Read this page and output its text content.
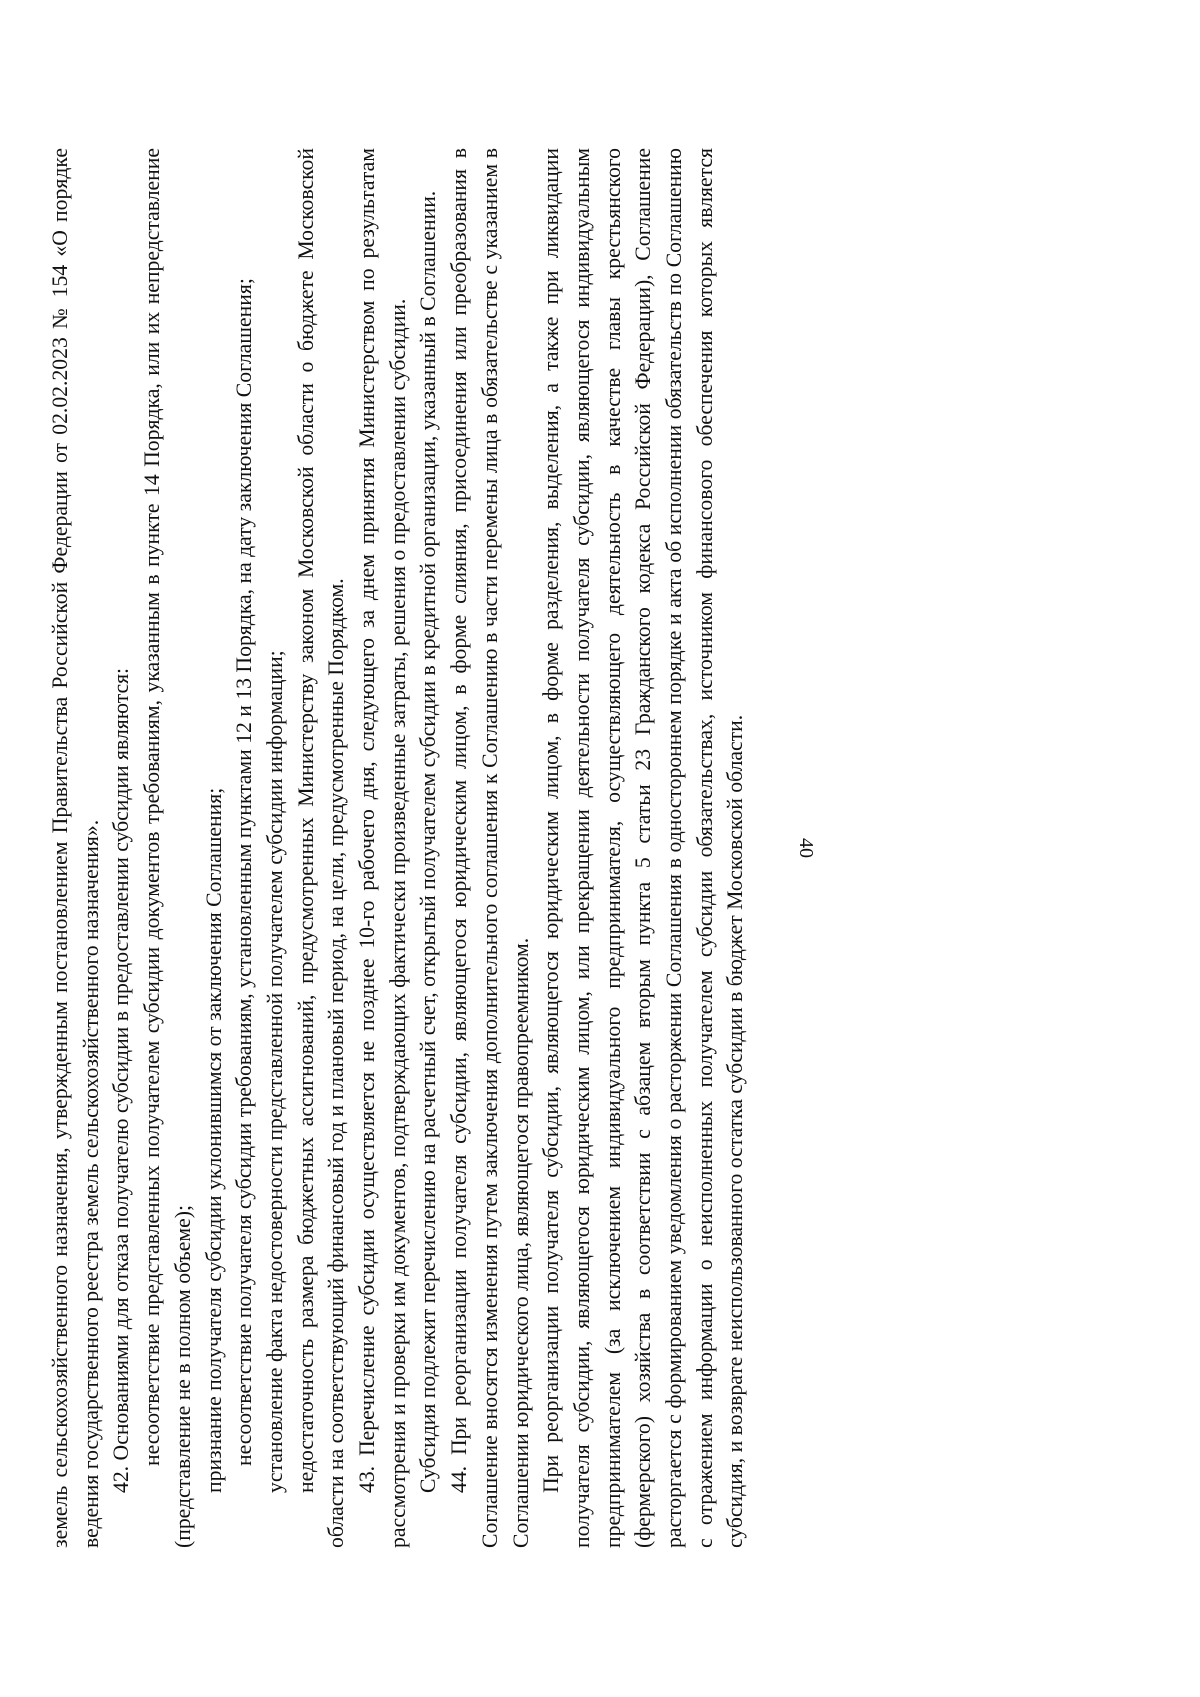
40

земель сельскохозяйственного назначения, утвержденным постановлением Правительства Российской Федерации от 02.02.2023 № 154 «О порядке ведения государственного реестра земель сельскохозяйственного назначения». 42. Основаниями для отказа получателю субсидии в предоставлении субсидии являются: несоответствие представленных получателем субсидии документов требованиям, указанным в пункте 14 Порядка, или их непредставление (представление не в полном объеме); признание получателя субсидии уклонившимся от заключения Соглашения; несоответствие получателя субсидии требованиям, установленным пунктами 12 и 13 Порядка, на дату заключения Соглашения; установление факта недостоверности представленной получателем субсидии информации; недостаточность размера бюджетных ассигнований, предусмотренных Министерству законом Московской области о бюджете Московской области на соответствующий финансовый год и плановый период, на цели, предусмотренные Порядком. 43. Перечисление субсидии осуществляется не позднее 10-го рабочего дня, следующего за днем принятия Министерством по результатам рассмотрения и проверки им документов, подтверждающих фактически произведенные затраты, решения о предоставлении субсидии. Субсидия подлежит перечислению на расчетный счет, открытый получателем субсидии в кредитной организации, указанный в Соглашении. 44. При реорганизации получателя субсидии, являющегося юридическим лицом, в форме слияния, присоединения или преобразования в Соглашение вносятся изменения путем заключения дополнительного соглашения к Соглашению в части перемены лица в обязательстве с указанием в Соглашении юридического лица, являющегося правопреемником. При реорганизации получателя субсидии, являющегося юридическим лицом, в форме разделения, выделения, а также при ликвидации получателя субсидии, являющегося юридическим лицом, или прекращении деятельности получателя субсидии, являющегося индивидуальным предпринимателем (за исключением индивидуального предпринимателя, осуществляющего деятельность в качестве главы крестьянского (фермерского) хозяйства в соответствии с абзацем вторым пункта 5 статьи 23 Гражданского кодекса Российской Федерации), Соглашение расторгается с формированием уведомления о расторжении Соглашения в одностороннем порядке и акта об исполнении обязательств по Соглашению с отражением информации о неисполненных получателем субсидии обязательствах, источником финансового обеспечения которых является субсидия, и возврате неиспользованного остатка субсидии в бюджет Московской области.
